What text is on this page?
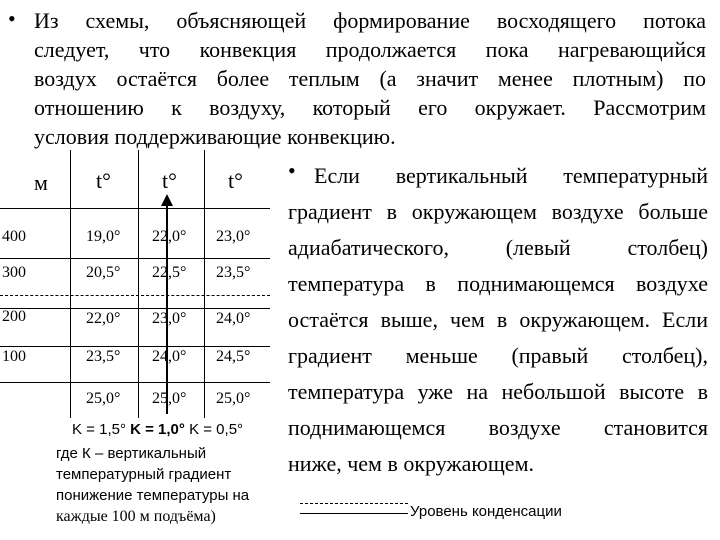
• Из схемы, объясняющей формирование восходящего потока
следует, что конвекция продолжается пока нагревающийся
воздух остаётся более теплым (а значит менее плотным) по
отношению к воздуху, который его окружает. Рассмотрим
условия поддерживающие конвекцию.
м t° t° t°
400	19,0° 22,0° 23,0°
300	20,5° 22,5° 23,5°
200	22,0° 23,0° 24,0°
100	23,5° 24,0° 24,5°
25,0° 25,0° 25,0°
K = 1,5° K = 1,0° K = 0,5°
где К – вертикальный
температурный градиент
понижение температуры на
каждые 100 м подъёма)
• Если вертикальный температурный
градиент в окружающем воздухе больше
адиабатического, (левый столбец)
температура в поднимающемся воздухе
остаётся выше, чем в окружающем. Если
градиент меньше (правый столбец),
температура уже на небольшой высоте в
поднимающемся воздухе становится
ниже, чем в окружающем.
Уровень конденсации
